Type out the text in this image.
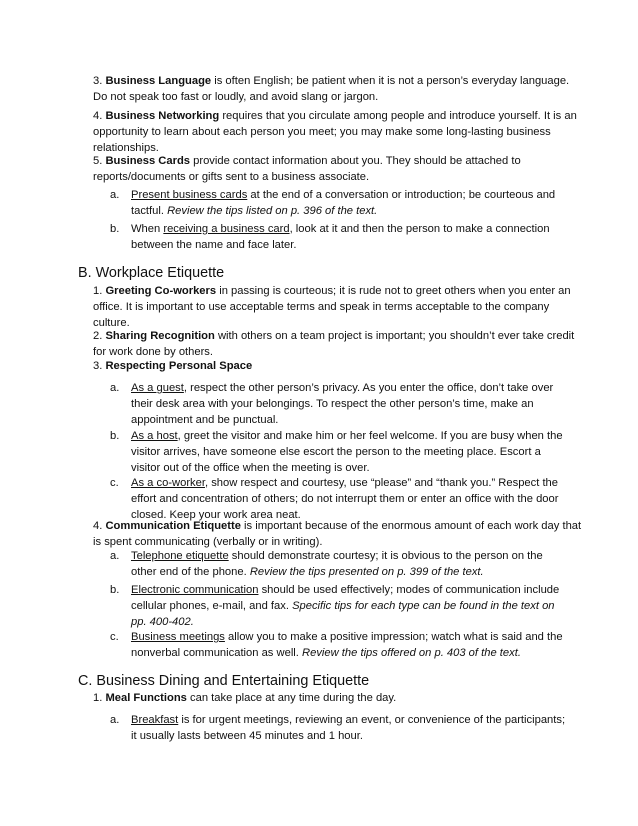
3. Business Language is often English; be patient when it is not a person’s everyday language. Do not speak too fast or loudly, and avoid slang or jargon.
4. Business Networking requires that you circulate among people and introduce yourself. It is an opportunity to learn about each person you meet; you may make some long-lasting business relationships.
5. Business Cards provide contact information about you. They should be attached to reports/documents or gifts sent to a business associate.
a. Present business cards at the end of a conversation or introduction; be courteous and tactful. Review the tips listed on p. 396 of the text.
b. When receiving a business card, look at it and then the person to make a connection between the name and face later.
B. Workplace Etiquette
1. Greeting Co-workers in passing is courteous; it is rude not to greet others when you enter an office. It is important to use acceptable terms and speak in terms acceptable to the company culture.
2. Sharing Recognition with others on a team project is important; you shouldn’t ever take credit for work done by others.
3. Respecting Personal Space
a. As a guest, respect the other person’s privacy. As you enter the office, don’t take over their desk area with your belongings. To respect the other person’s time, make an appointment and be punctual.
b. As a host, greet the visitor and make him or her feel welcome. If you are busy when the visitor arrives, have someone else escort the person to the meeting place. Escort a visitor out of the office when the meeting is over.
c. As a co-worker, show respect and courtesy, use “please” and “thank you.” Respect the effort and concentration of others; do not interrupt them or enter an office with the door closed. Keep your work area neat.
4. Communication Etiquette is important because of the enormous amount of each work day that is spent communicating (verbally or in writing).
a. Telephone etiquette should demonstrate courtesy; it is obvious to the person on the other end of the phone. Review the tips presented on p. 399 of the text.
b. Electronic communication should be used effectively; modes of communication include cellular phones, e-mail, and fax. Specific tips for each type can be found in the text on pp. 400-402.
c. Business meetings allow you to make a positive impression; watch what is said and the nonverbal communication as well. Review the tips offered on p. 403 of the text.
C. Business Dining and Entertaining Etiquette
1. Meal Functions can take place at any time during the day.
a. Breakfast is for urgent meetings, reviewing an event, or convenience of the participants; it usually lasts between 45 minutes and 1 hour.
